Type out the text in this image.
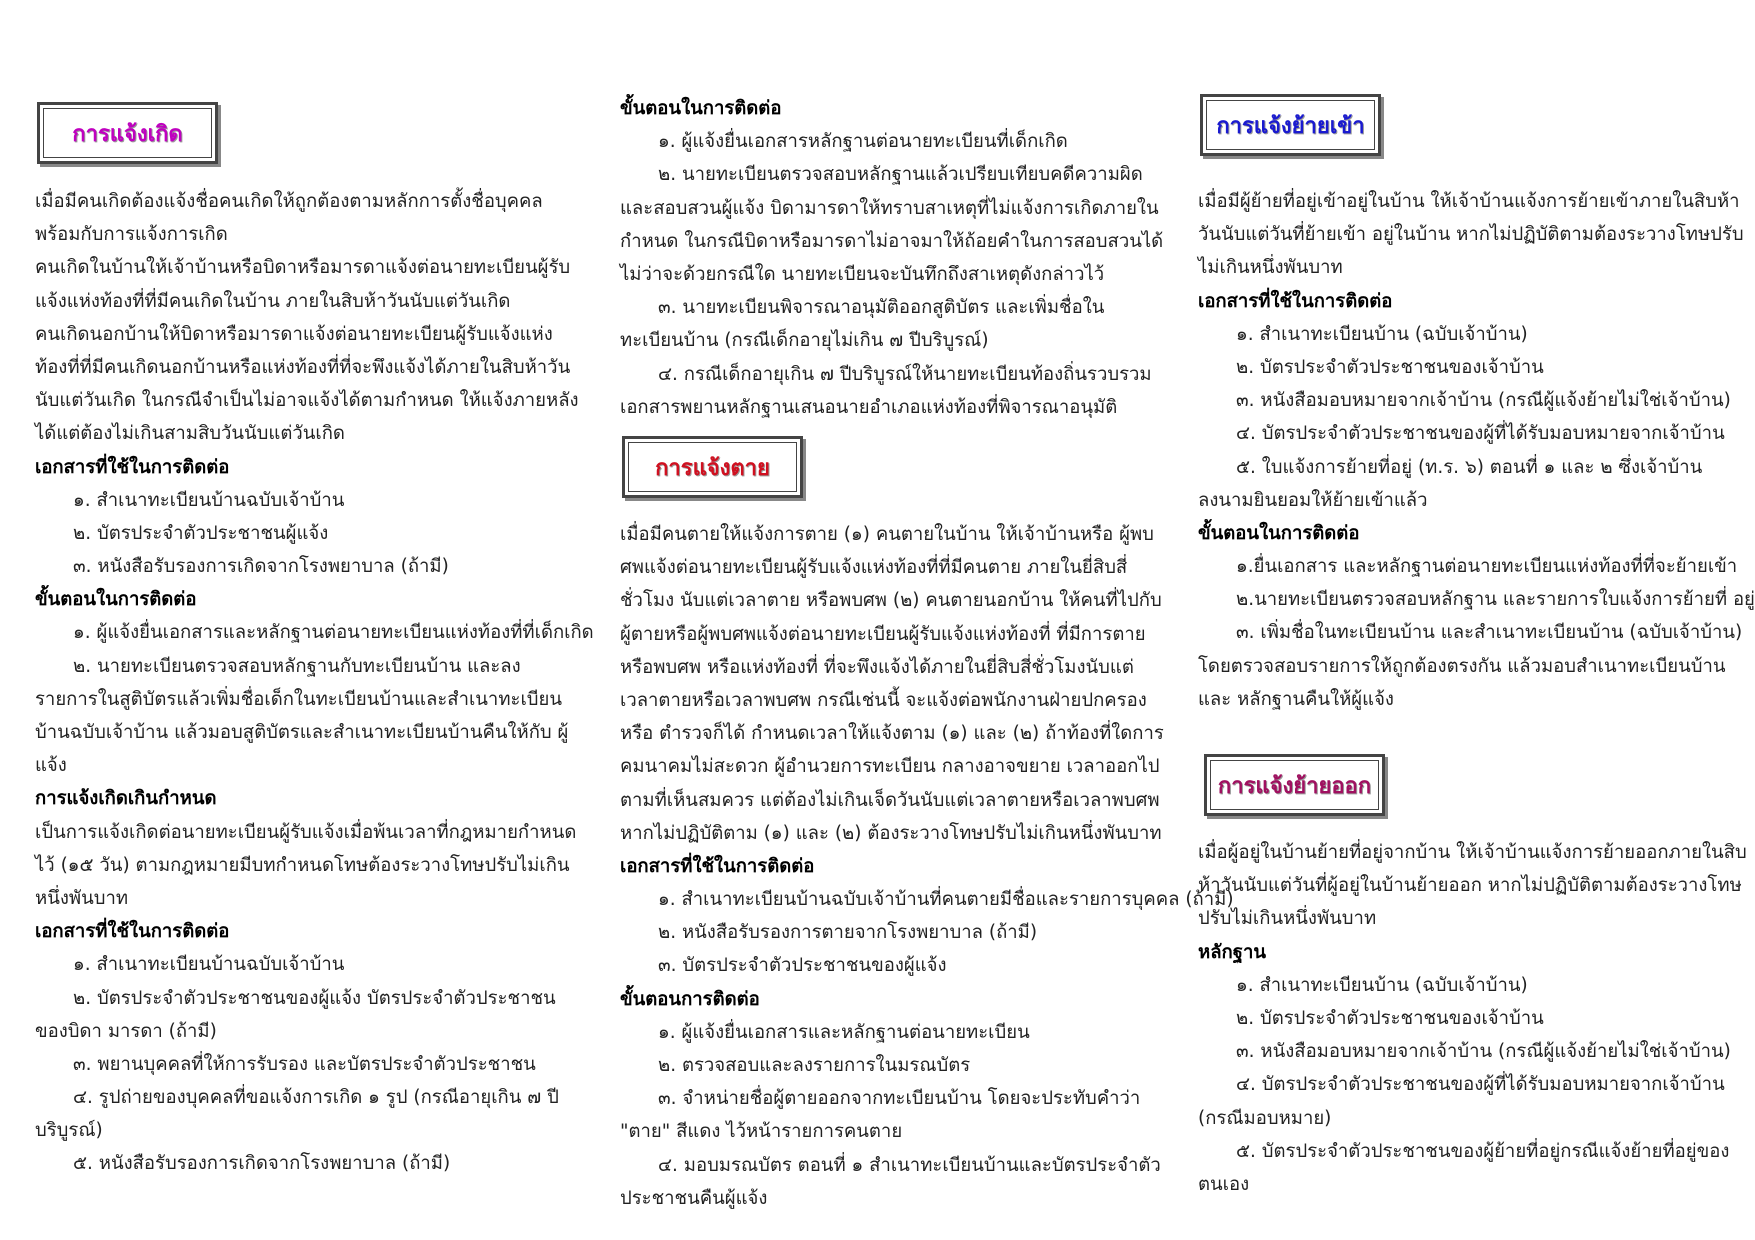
การแจ้งเกิด
เมื่อมีคนเกิดต้องแจ้งชื่อคนเกิดให้ถูกต้องตามหลักการตั้งชื่อบุคคล
พร้อมกับการแจ้งการเกิด
คนเกิดในบ้านให้เจ้าบ้านหรือบิดาหรือมารดาแจ้งต่อนายทะเบียนผู้รับ
แจ้งแห่งท้องที่ที่มีคนเกิดในบ้าน ภายในสิบห้าวันนับแต่วันเกิด
คนเกิดนอกบ้านให้บิดาหรือมารดาแจ้งต่อนายทะเบียนผู้รับแจ้งแห่ง
ท้องที่ที่มีคนเกิดนอกบ้านหรือแห่งท้องที่ที่จะพึงแจ้งได้ภายในสิบห้าวัน
นับแต่วันเกิด ในกรณีจำเป็นไม่อาจแจ้งได้ตามกำหนด ให้แจ้งภายหลัง
ได้แต่ต้องไม่เกินสามสิบวันนับแต่วันเกิด
เอกสารที่ใช้ในการติดต่อ
๑. สำเนาทะเบียนบ้านฉบับเจ้าบ้าน
๒. บัตรประจำตัวประชาชนผู้แจ้ง
๓. หนังสือรับรองการเกิดจากโรงพยาบาล (ถ้ามี)
ขั้นตอนในการติดต่อ
๑. ผู้แจ้งยื่นเอกสารและหลักฐานต่อนายทะเบียนแห่งท้องที่ที่เด็กเกิด
๒. นายทะเบียนตรวจสอบหลักฐานกับทะเบียนบ้าน และลง
รายการในสูติบัตรแล้วเพิ่มชื่อเด็กในทะเบียนบ้านและสำเนาทะเบียน
บ้านฉบับเจ้าบ้าน แล้วมอบสูติบัตรและสำเนาทะเบียนบ้านคืนให้กับ ผู้
แจ้ง
การแจ้งเกิดเกินกำหนด
เป็นการแจ้งเกิดต่อนายทะเบียนผู้รับแจ้งเมื่อพ้นเวลาที่กฎหมายกำหนด
ไว้ (๑๕ วัน) ตามกฎหมายมีบทกำหนดโทษต้องระวางโทษปรับไม่เกิน
หนึ่งพันบาท
เอกสารที่ใช้ในการติดต่อ
๑. สำเนาทะเบียนบ้านฉบับเจ้าบ้าน
๒. บัตรประจำตัวประชาชนของผู้แจ้ง บัตรประจำตัวประชาชน
ของบิดา มารดา (ถ้ามี)
๓. พยานบุคคลที่ให้การรับรอง และบัตรประจำตัวประชาชน
๔. รูปถ่ายของบุคคลที่ขอแจ้งการเกิด ๑ รูป (กรณีอายุเกิน ๗ ปี
บริบูรณ์)
๕. หนังสือรับรองการเกิดจากโรงพยาบาล (ถ้ามี)
ขั้นตอนในการติดต่อ
๑. ผู้แจ้งยื่นเอกสารหลักฐานต่อนายทะเบียนที่เด็กเกิด
๒. นายทะเบียนตรวจสอบหลักฐานแล้วเปรียบเทียบคดีความผิด
และสอบสวนผู้แจ้ง บิดามารดาให้ทราบสาเหตุที่ไม่แจ้งการเกิดภายใน
กำหนด ในกรณีบิดาหรือมารดาไม่อาจมาให้ถ้อยคำในการสอบสวนได้
ไม่ว่าจะด้วยกรณีใด นายทะเบียนจะบันทึกถึงสาเหตุดังกล่าวไว้
๓. นายทะเบียนพิจารณาอนุมัติออกสูติบัตร และเพิ่มชื่อใน
ทะเบียนบ้าน (กรณีเด็กอายุไม่เกิน ๗ ปีบริบูรณ์)
๔. กรณีเด็กอายุเกิน ๗ ปีบริบูรณ์ให้นายทะเบียนท้องถิ่นรวบรวม
เอกสารพยานหลักฐานเสนอนายอำเภอแห่งท้องที่พิจารณาอนุมัติ
การแจ้งตาย
เมื่อมีคนตายให้แจ้งการตาย (๑) คนตายในบ้าน ให้เจ้าบ้านหรือ ผู้พบ
ศพแจ้งต่อนายทะเบียนผู้รับแจ้งแห่งท้องที่ที่มีคนตาย ภายในยี่สิบสี่
ชั่วโมง นับแต่เวลาตาย หรือพบศพ (๒) คนตายนอกบ้าน ให้คนที่ไปกับ
ผู้ตายหรือผู้พบศพแจ้งต่อนายทะเบียนผู้รับแจ้งแห่งท้องที่ ที่มีการตาย
หรือพบศพ หรือแห่งท้องที่ ที่จะพึงแจ้งได้ภายในยี่สิบสี่ชั่วโมงนับแต่
เวลาตายหรือเวลาพบศพ กรณีเช่นนี้ จะแจ้งต่อพนักงานฝ่ายปกครอง
หรือ ตำรวจก็ได้ กำหนดเวลาให้แจ้งตาม (๑) และ (๒) ถ้าท้องที่ใดการ
คมนาคมไม่สะดวก ผู้อำนวยการทะเบียน กลางอาจขยาย เวลาออกไป
ตามที่เห็นสมควร แต่ต้องไม่เกินเจ็ดวันนับแต่เวลาตายหรือเวลาพบศพ
หากไม่ปฏิบัติตาม (๑) และ (๒) ต้องระวางโทษปรับไม่เกินหนึ่งพันบาท
เอกสารที่ใช้ในการติดต่อ
๑. สำเนาทะเบียนบ้านฉบับเจ้าบ้านที่คนตายมีชื่อและรายการบุคคล (ถ้ามี)
๒. หนังสือรับรองการตายจากโรงพยาบาล (ถ้ามี)
๓. บัตรประจำตัวประชาชนของผู้แจ้ง
ขั้นตอนการติดต่อ
๑. ผู้แจ้งยื่นเอกสารและหลักฐานต่อนายทะเบียน
๒. ตรวจสอบและลงรายการในมรณบัตร
๓. จำหน่ายชื่อผู้ตายออกจากทะเบียนบ้าน โดยจะประทับคำว่า
"ตาย" สีแดง ไว้หน้ารายการคนตาย
๔. มอบมรณบัตร ตอนที่ ๑ สำเนาทะเบียนบ้านและบัตรประจำตัว
ประชาชนคืนผู้แจ้ง
การแจ้งย้ายเข้า
เมื่อมีผู้ย้ายที่อยู่เข้าอยู่ในบ้าน ให้เจ้าบ้านแจ้งการย้ายเข้าภายในสิบห้า
วันนับแต่วันที่ย้ายเข้า อยู่ในบ้าน หากไม่ปฏิบัติตามต้องระวางโทษปรับ
ไม่เกินหนึ่งพันบาท
เอกสารที่ใช้ในการติดต่อ
๑. สำเนาทะเบียนบ้าน (ฉบับเจ้าบ้าน)
๒. บัตรประจำตัวประชาชนของเจ้าบ้าน
๓. หนังสือมอบหมายจากเจ้าบ้าน (กรณีผู้แจ้งย้ายไม่ใช่เจ้าบ้าน)
๔. บัตรประจำตัวประชาชนของผู้ที่ได้รับมอบหมายจากเจ้าบ้าน
๕. ใบแจ้งการย้ายที่อยู่ (ท.ร. ๖) ตอนที่ ๑ และ ๒ ซึ่งเจ้าบ้าน
ลงนามยินยอมให้ย้ายเข้าแล้ว
ขั้นตอนในการติดต่อ
๑.ยื่นเอกสาร และหลักฐานต่อนายทะเบียนแห่งท้องที่ที่จะย้ายเข้า
๒.นายทะเบียนตรวจสอบหลักฐาน และรายการใบแจ้งการย้ายที่ อยู่
๓. เพิ่มชื่อในทะเบียนบ้าน และสำเนาทะเบียนบ้าน (ฉบับเจ้าบ้าน)
โดยตรวจสอบรายการให้ถูกต้องตรงกัน แล้วมอบสำเนาทะเบียนบ้าน
และ หลักฐานคืนให้ผู้แจ้ง
การแจ้งย้ายออก
เมื่อผู้อยู่ในบ้านย้ายที่อยู่จากบ้าน ให้เจ้าบ้านแจ้งการย้ายออกภายในสิบ
ห้าวันนับแต่วันที่ผู้อยู่ในบ้านย้ายออก หากไม่ปฏิบัติตามต้องระวางโทษ
ปรับไม่เกินหนึ่งพันบาท
หลักฐาน
๑. สำเนาทะเบียนบ้าน (ฉบับเจ้าบ้าน)
๒. บัตรประจำตัวประชาชนของเจ้าบ้าน
๓. หนังสือมอบหมายจากเจ้าบ้าน (กรณีผู้แจ้งย้ายไม่ใช่เจ้าบ้าน)
๔. บัตรประจำตัวประชาชนของผู้ที่ได้รับมอบหมายจากเจ้าบ้าน
(กรณีมอบหมาย)
๕. บัตรประจำตัวประชาชนของผู้ย้ายที่อยู่กรณีแจ้งย้ายที่อยู่ของ
ตนเอง
